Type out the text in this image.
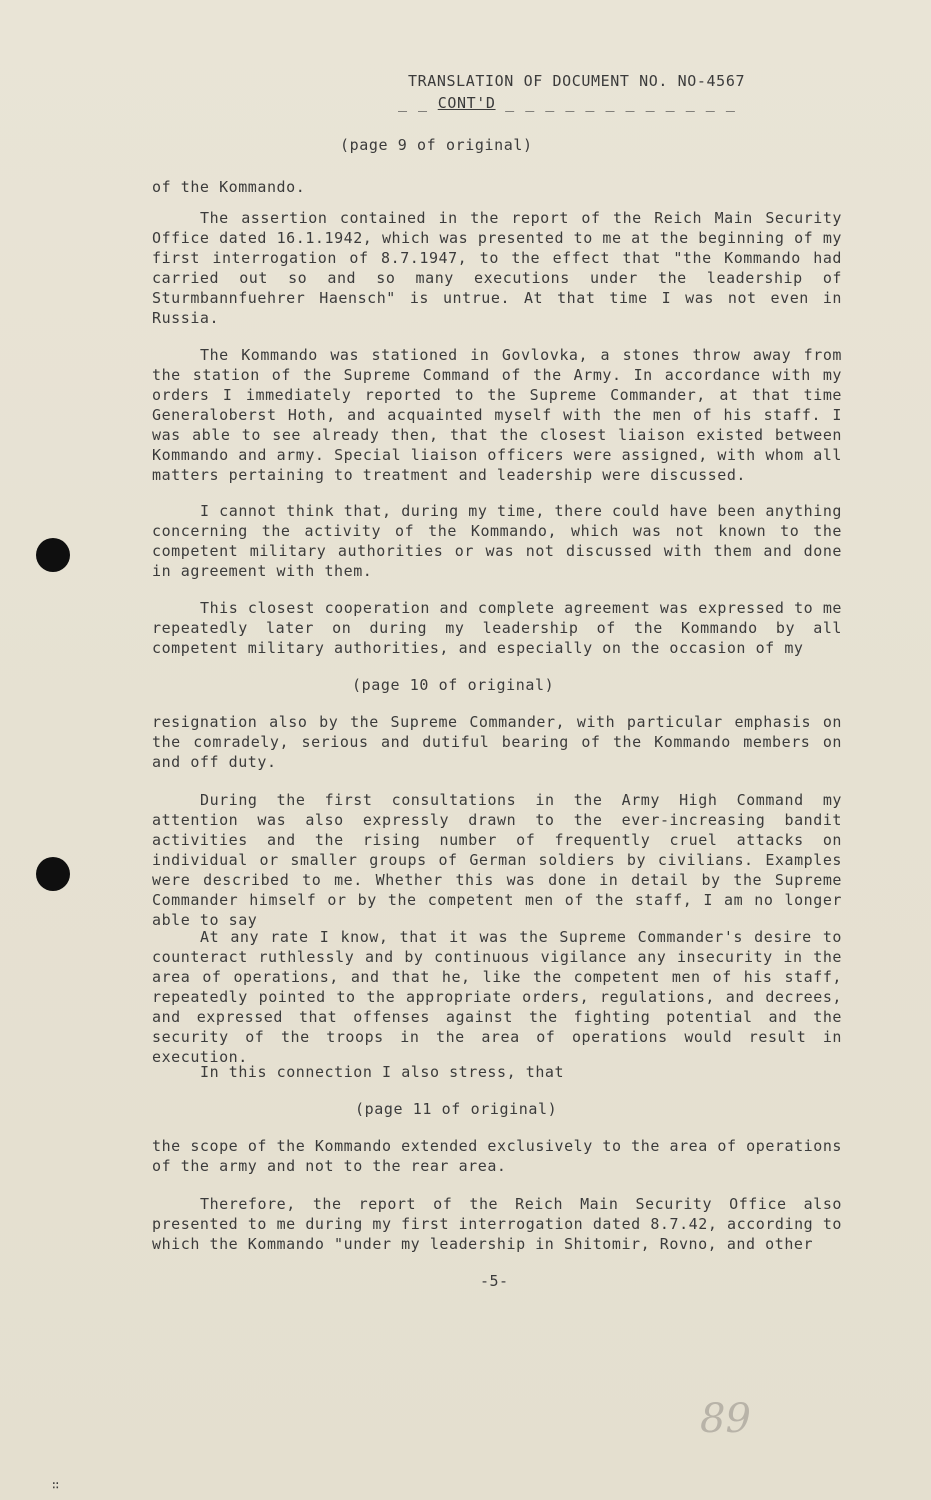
TRANSLATION OF DOCUMENT NO. NO-4567
_ _ CONT'D _ _ _ _ _ _ _ _ _ _ _ _
(page 9 of original)

of the Kommando.

The assertion contained in the report of the Reich Main Security Office dated 16.1.1942, which was presented to me at the beginning of my first interrogation of 8.7.1947, to the effect that "the Kommando had carried out so and so many executions under the leadership of Sturmbannfuehrer Haensch" is untrue. At that time I was not even in Russia.

The Kommando was stationed in Govlovka, a stones throw away from the station of the Supreme Command of the Army. In accordance with my orders I immediately reported to the Supreme Commander, at that time Generaloberst Hoth, and acquainted myself with the men of his staff. I was able to see already then, that the closest liaison existed between Kommando and army. Special liaison officers were assigned, with whom all matters pertaining to treatment and leadership were discussed.

I cannot think that, during my time, there could have been anything concerning the activity of the Kommando, which was not known to the competent military authorities or was not discussed with them and done in agreement with them.

This closest cooperation and complete agreement was expressed to me repeatedly later on during my leadership of the Kommando by all competent military authorities, and especially on the occasion of my

(page 10 of original)

resignation also by the Supreme Commander, with particular emphasis on the comradely, serious and dutiful bearing of the Kommando members on and off duty.

During the first consultations in the Army High Command my attention was also expressly drawn to the ever-increasing bandit activities and the rising number of frequently cruel attacks on individual or smaller groups of German soldiers by civilians. Examples were described to me. Whether this was done in detail by the Supreme Commander himself or by the competent men of the staff, I am no longer able to say

At any rate I know, that it was the Supreme Commander's desire to counteract ruthlessly and by continuous vigilance any insecurity in the area of operations, and that he, like the competent men of his staff, repeatedly pointed to the appropriate orders, regulations, and decrees, and expressed that offenses against the fighting potential and the security of the troops in the area of operations would result in execution.

In this connection I also stress, that

(page 11 of original)

the scope of the Kommando extended exclusively to the area of operations of the army and not to the rear area.

Therefore, the report of the Reich Main Security Office also presented to me during my first interrogation dated 8.7.42, according to which the Kommando "under my leadership in Shitomir, Rovno, and other

-5-
89
∷
